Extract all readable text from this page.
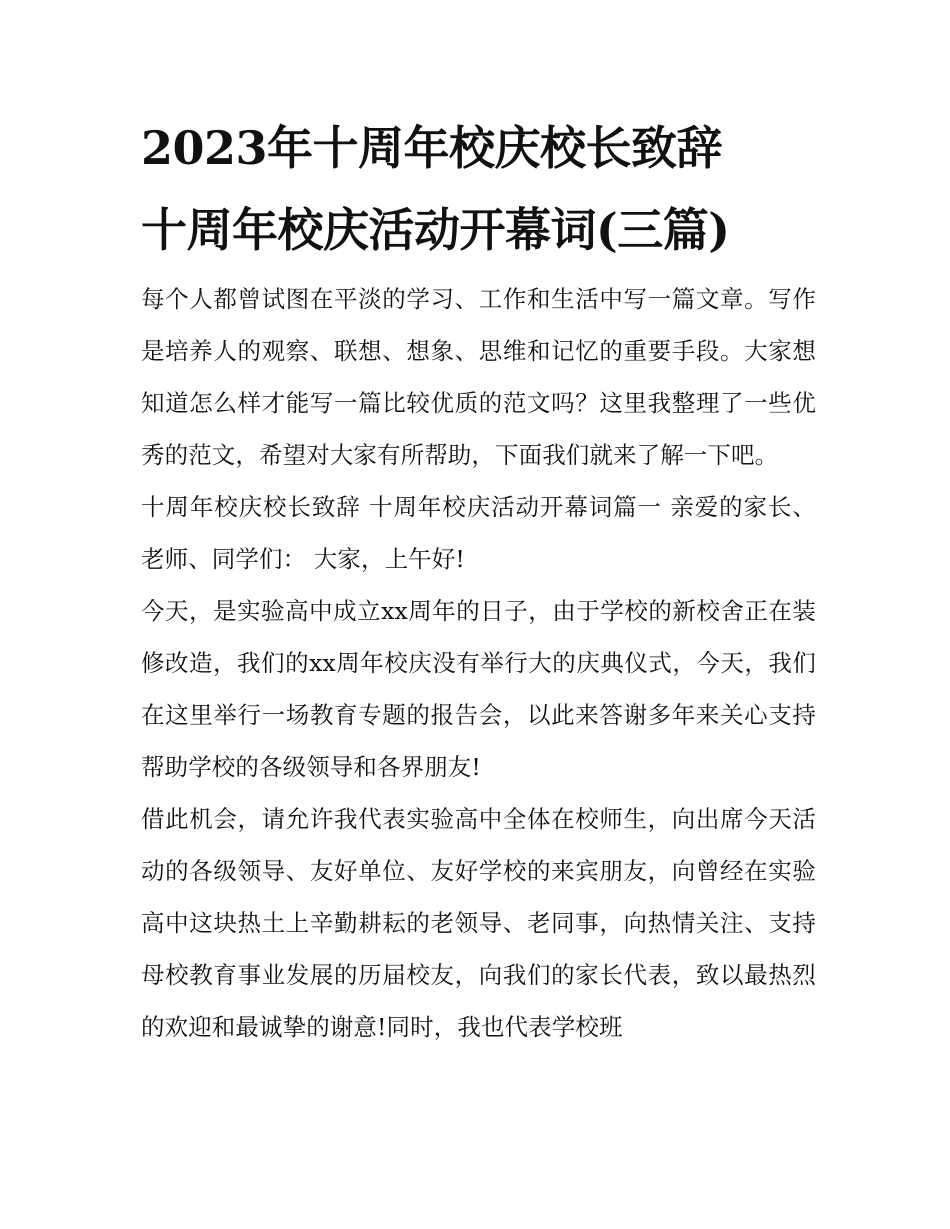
2023年十周年校庆校长致辞
十周年校庆活动开幕词(三篇)

每个人都曾试图在平淡的学习、工作和生活中写一篇文章。写作是培养人的观察、联想、想象、思维和记忆的重要手段。大家想知道怎么样才能写一篇比较优质的范文吗？这里我整理了一些优秀的范文，希望对大家有所帮助，下面我们就来了解一下吧。

十周年校庆校长致辞 十周年校庆活动开幕词篇一 亲爱的家长、老师、同学们： 大家，上午好!

今天，是实验高中成立xx周年的日子，由于学校的新校舍正在装修改造，我们的xx周年校庆没有举行大的庆典仪式，今天，我们在这里举行一场教育专题的报告会，以此来答谢多年来关心支持帮助学校的各级领导和各界朋友!

借此机会，请允许我代表实验高中全体在校师生，向出席今天活动的各级领导、友好单位、友好学校的来宾朋友，向曾经在实验高中这块热土上辛勤耕耘的老领导、老同事，向热情关注、支持母校教育事业发展的历届校友，向我们的家长代表，致以最热烈的欢迎和最诚挚的谢意!同时，我也代表学校班
